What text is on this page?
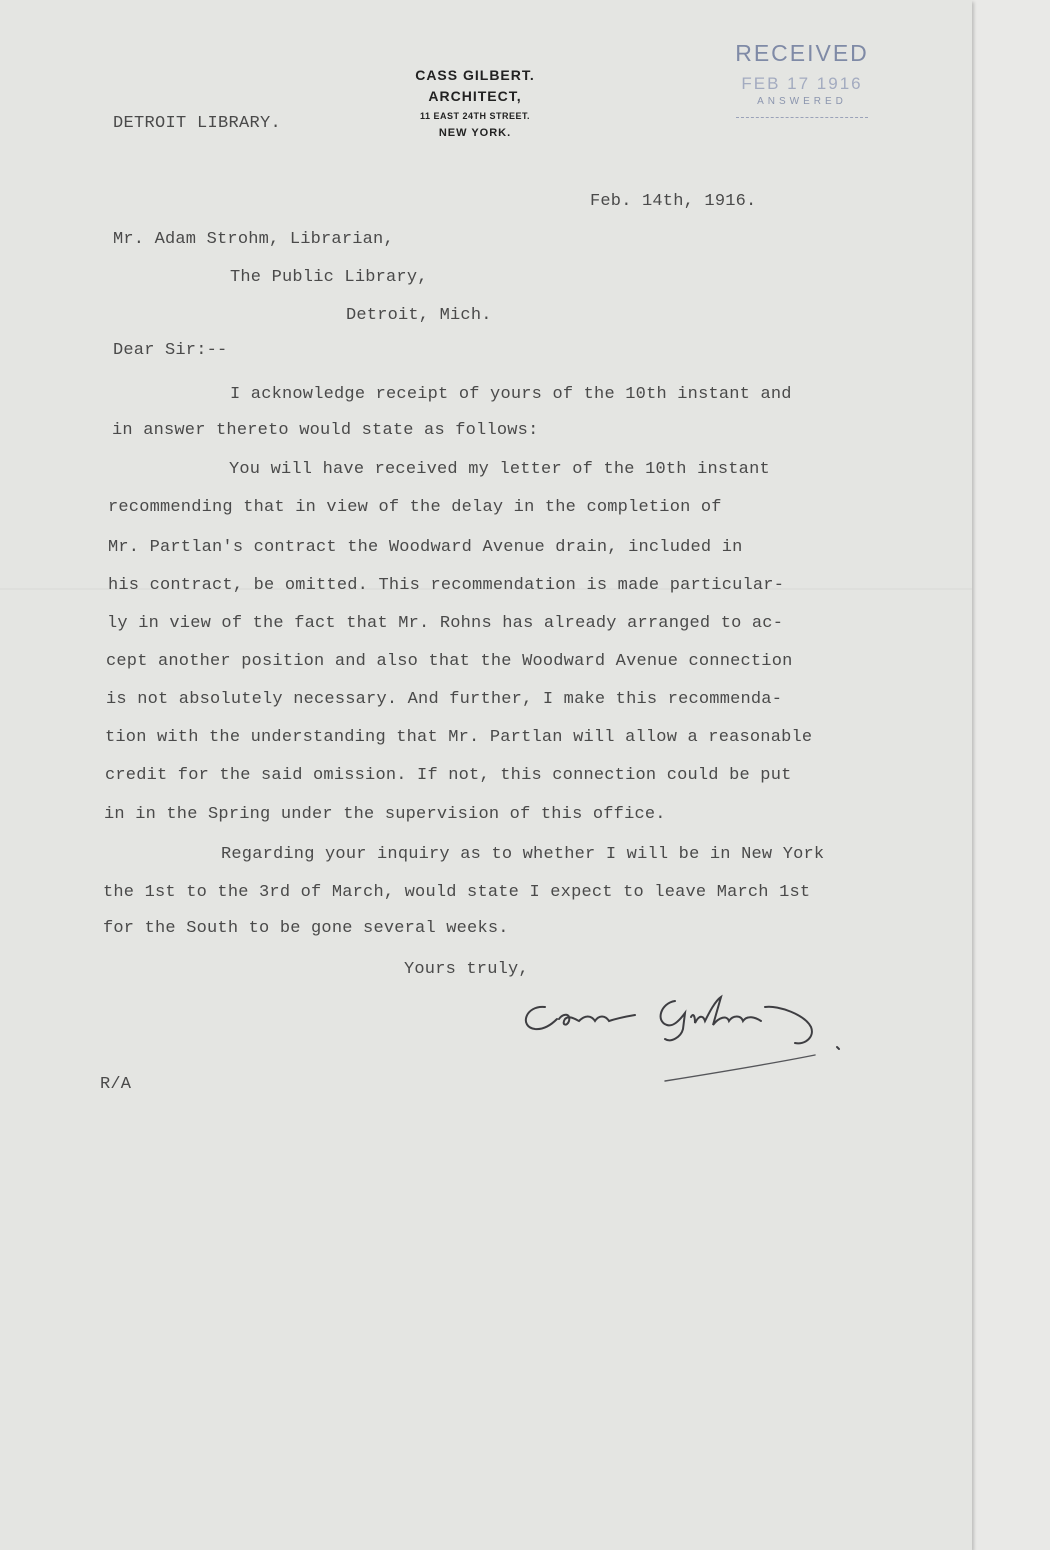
DETROIT LIBRARY.
CASS GILBERT.
ARCHITECT,
11 EAST 24TH STREET.
NEW YORK.
RECEIVED
FEB 17 1916
ANSWERED
Feb. 14th, 1916.
Mr. Adam Strohm, Librarian,
The Public Library,
Detroit, Mich.
Dear Sir:--
I acknowledge receipt of yours of the 10th instant and
in answer thereto would state as follows:
You will have received my letter of the 10th instant
recommending that in view of the delay in the completion of
Mr. Partlan's contract the Woodward Avenue drain, included in
his contract, be omitted. This recommendation is made particular-
ly in view of the fact that Mr. Rohns has already arranged to ac-
cept another position and also that the Woodward Avenue connection
is not absolutely necessary. And further, I make this recommenda-
tion with the understanding that Mr. Partlan will allow a reasonable
credit for the said omission. If not, this connection could be put
in in the Spring under the supervision of this office.
Regarding your inquiry as to whether I will be in New York
the 1st to the 3rd of March, would state I expect to leave March 1st
for the South to be gone several weeks.
Yours truly,
R/A
